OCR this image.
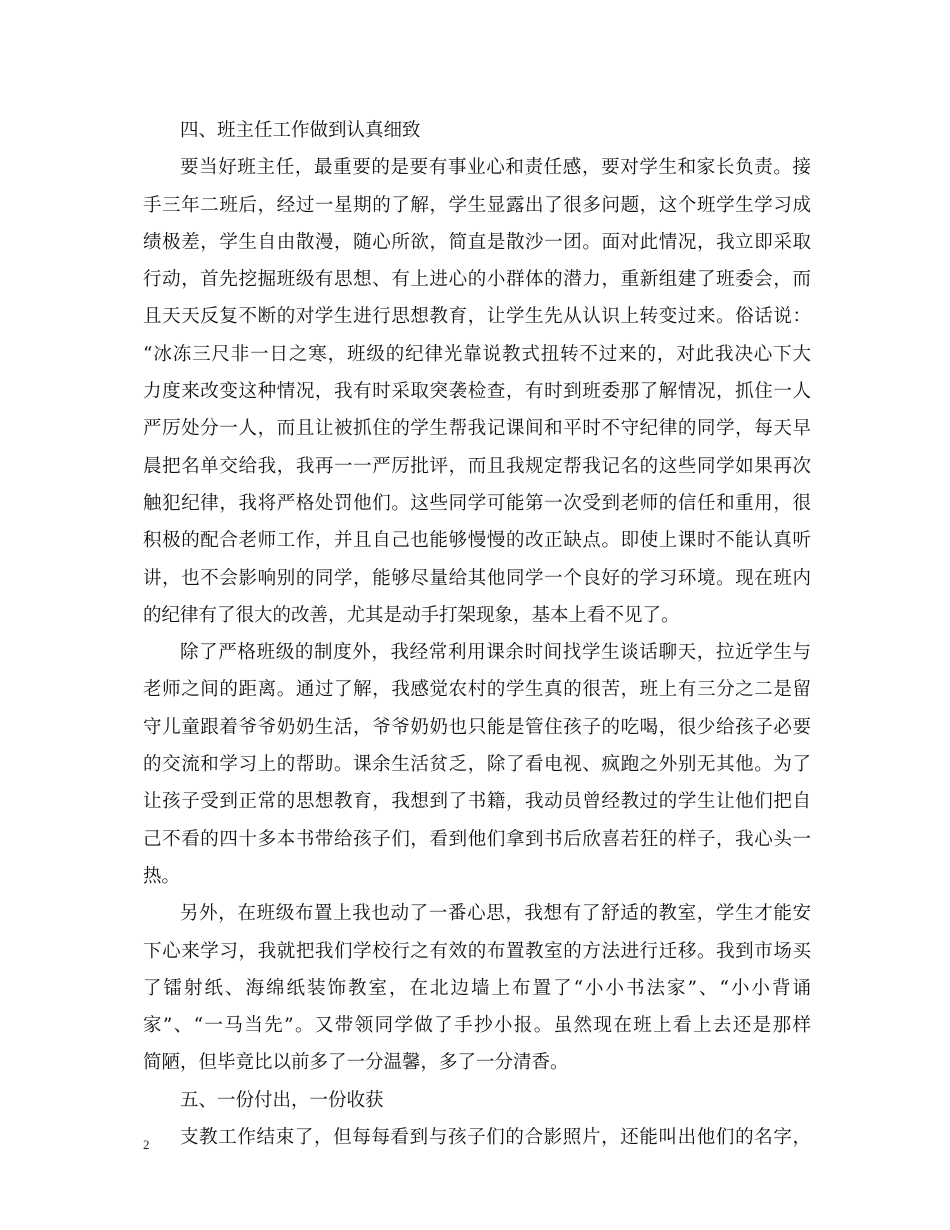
四、班主任工作做到认真细致
要当好班主任，最重要的是要有事业心和责任感，要对学生和家长负责。接
手三年二班后，经过一星期的了解，学生显露出了很多问题，这个班学生学习成
绩极差，学生自由散漫，随心所欲，简直是散沙一团。面对此情况，我立即采取
行动，首先挖掘班级有思想、有上进心的小群体的潜力，重新组建了班委会，而
且天天反复不断的对学生进行思想教育，让学生先从认识上转变过来。俗话说：
“冰冻三尺非一日之寒，班级的纪律光靠说教式扭转不过来的，对此我决心下大
力度来改变这种情况，我有时采取突袭检查，有时到班委那了解情况，抓住一人
严厉处分一人，而且让被抓住的学生帮我记课间和平时不守纪律的同学，每天早
晨把名单交给我，我再一一严厉批评，而且我规定帮我记名的这些同学如果再次
触犯纪律，我将严格处罚他们。这些同学可能第一次受到老师的信任和重用，很
积极的配合老师工作，并且自己也能够慢慢的改正缺点。即使上课时不能认真听
讲，也不会影响别的同学，能够尽量给其他同学一个良好的学习环境。现在班内
的纪律有了很大的改善，尤其是动手打架现象，基本上看不见了。
除了严格班级的制度外，我经常利用课余时间找学生谈话聊天，拉近学生与
老师之间的距离。通过了解，我感觉农村的学生真的很苦，班上有三分之二是留
守儿童跟着爷爷奶奶生活，爷爷奶奶也只能是管住孩子的吃喝，很少给孩子必要
的交流和学习上的帮助。课余生活贫乏，除了看电视、疯跑之外别无其他。为了
让孩子受到正常的思想教育，我想到了书籍，我动员曾经教过的学生让他们把自
己不看的四十多本书带给孩子们，看到他们拿到书后欣喜若狂的样子，我心头一
热。
另外，在班级布置上我也动了一番心思，我想有了舒适的教室，学生才能安
下心来学习，我就把我们学校行之有效的布置教室的方法进行迁移。我到市场买
了镭射纸、海绵纸装饰教室，在北边墙上布置了“小小书法家”、“小小背诵
家”、“一马当先”。又带领同学做了手抄小报。虽然现在班上看上去还是那样
简陋，但毕竟比以前多了一分温馨，多了一分清香。
五、一份付出，一份收获
支教工作结束了，但每每看到与孩子们的合影照片，还能叫出他们的名字，
2
